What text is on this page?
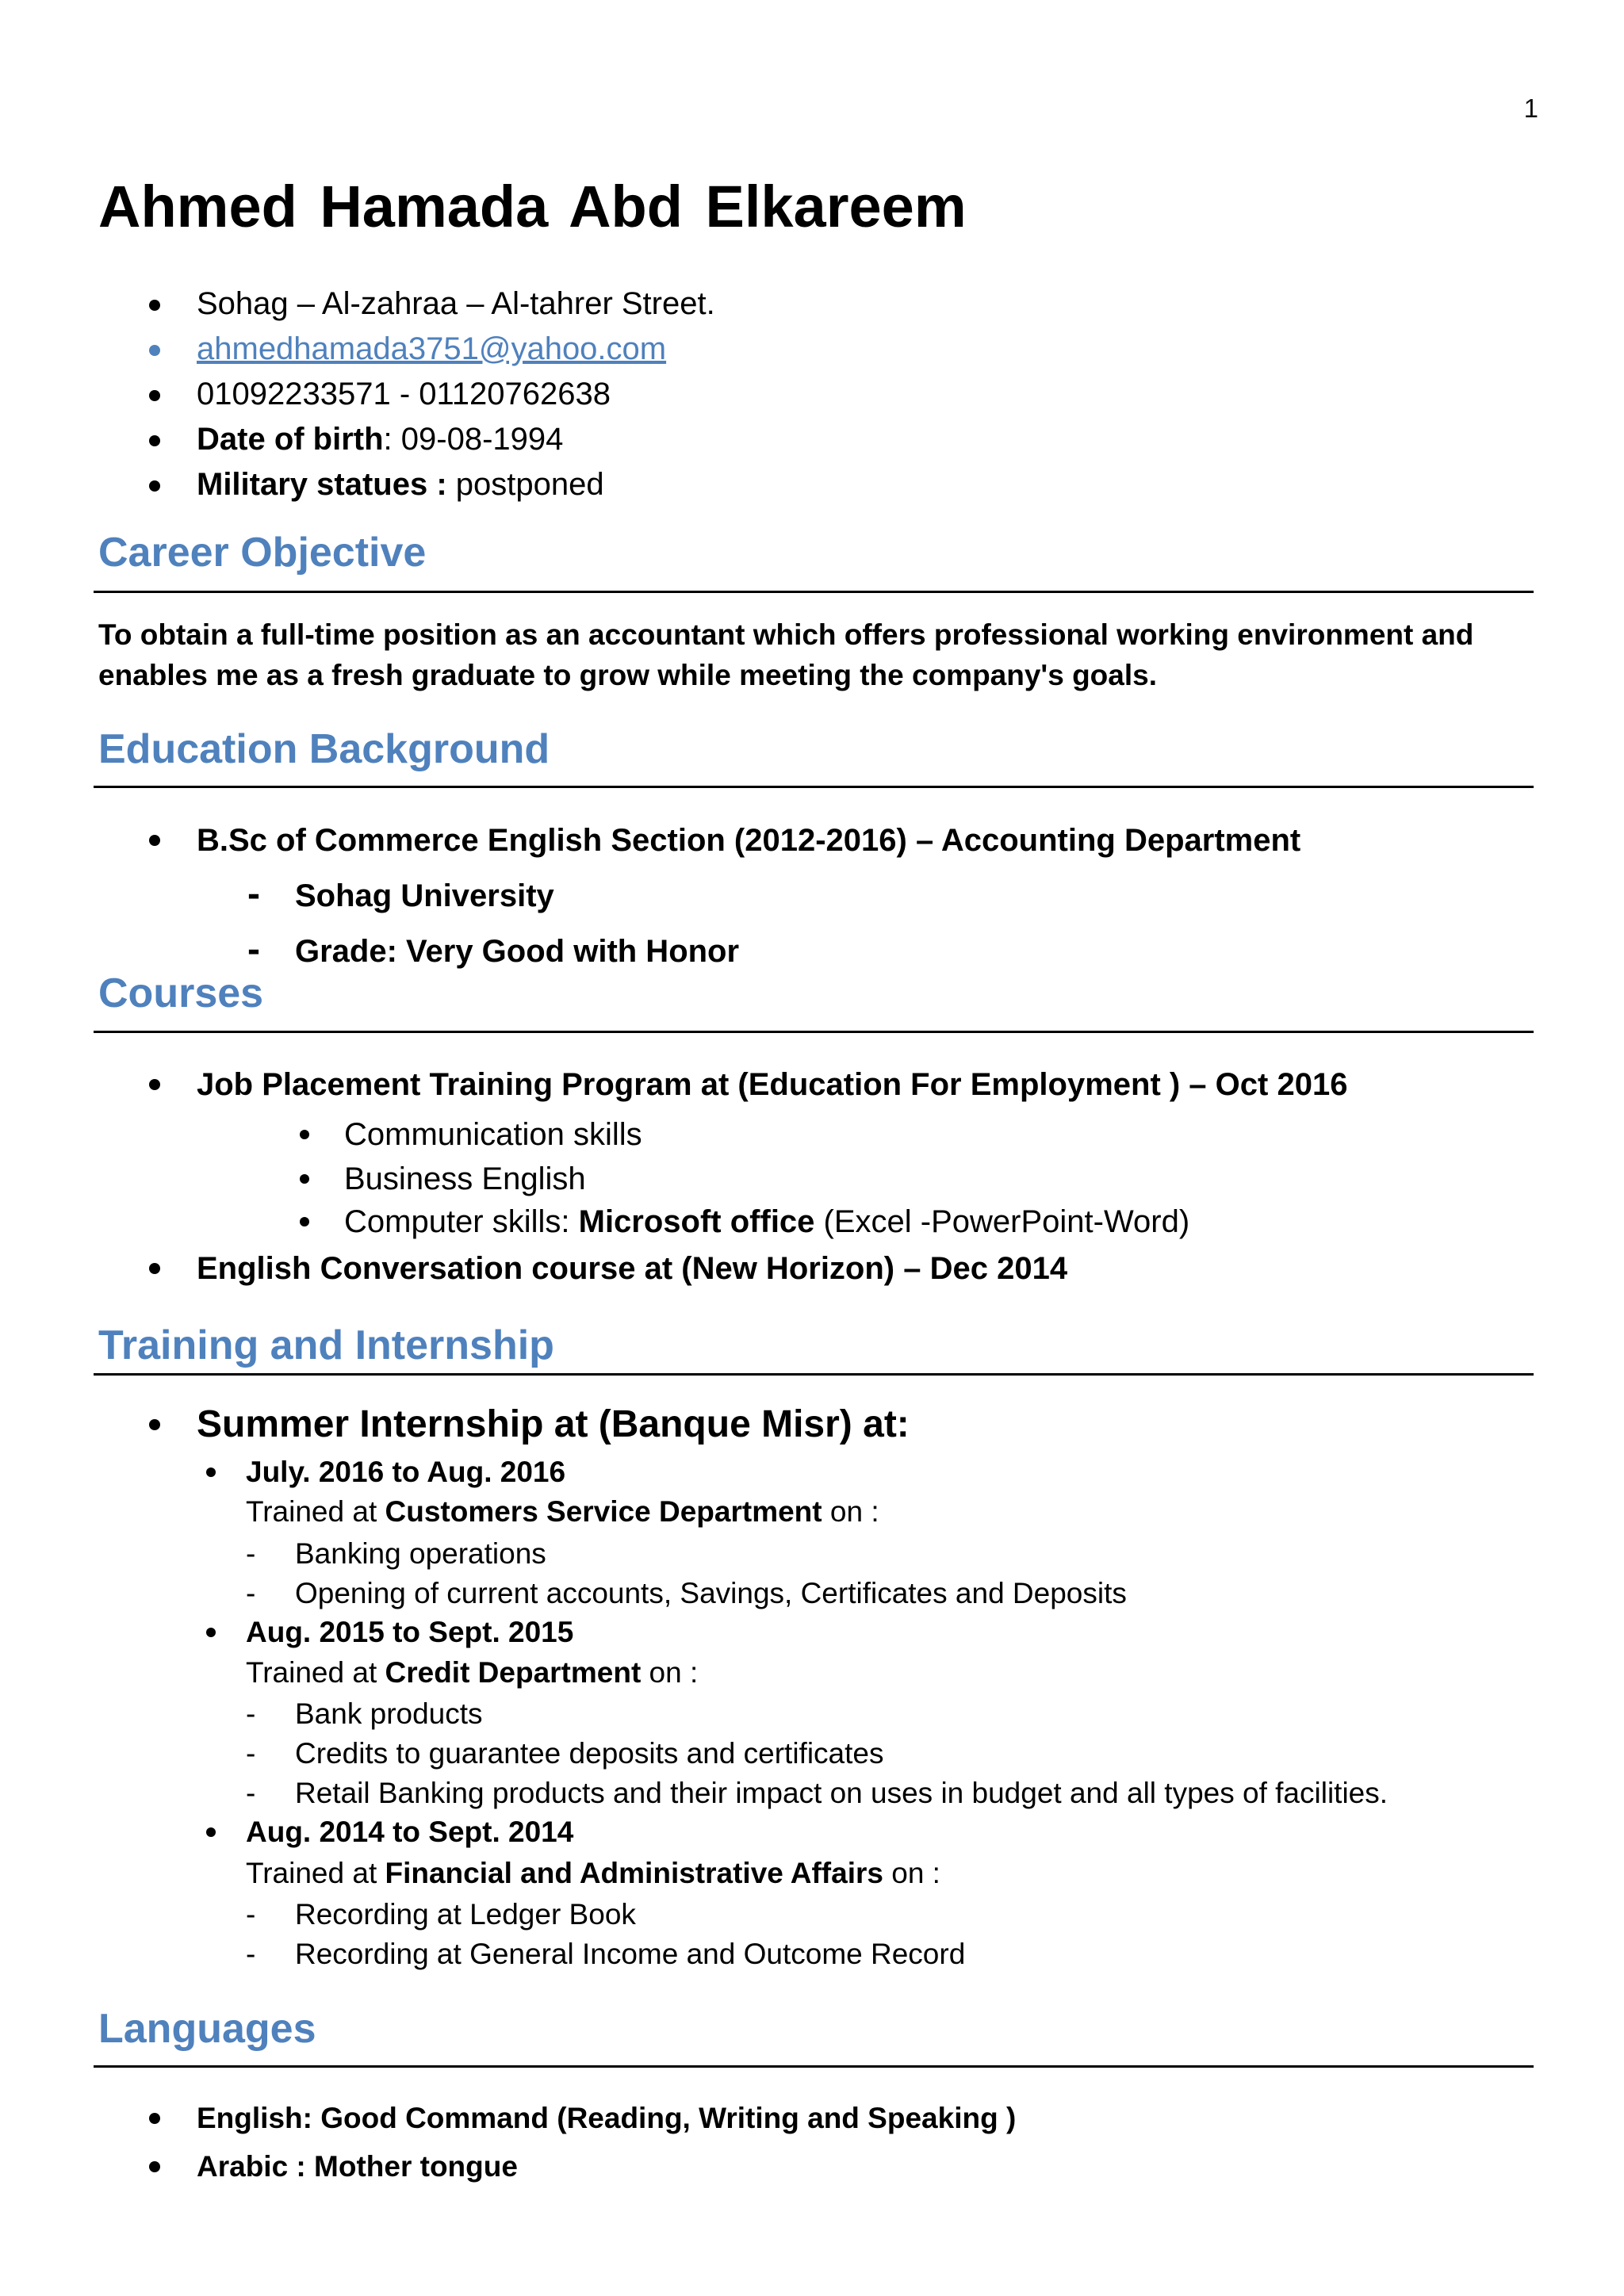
1
Ahmed Hamada Abd Elkareem
Sohag – Al-zahraa – Al-tahrer Street.
ahmedhamada3751@yahoo.com
01092233571 - 01120762638
Date of birth: 09-08-1994
Military statues : postponed
Career Objective

To obtain a full-time position as an accountant which offers professional working environment and enables me as a fresh graduate to grow while meeting the company's goals.

Education Background
B.Sc of Commerce English Section (2012-2016) – Accounting Department
- Sohag University
- Grade: Very Good with Honor
Courses
Job Placement Training Program at (Education For Employment ) – Oct 2016
Communication skills
Business English
Computer skills: Microsoft office (Excel -PowerPoint-Word)
English Conversation course at (New Horizon) – Dec 2014
Training and Internship
Summer Internship at (Banque Misr) at:
July. 2016 to Aug. 2016
Trained at Customers Service Department on :
- Banking operations
- Opening of current accounts, Savings, Certificates and Deposits
Aug. 2015 to Sept. 2015
Trained at Credit Department on :
- Bank products
- Credits to guarantee deposits and certificates
- Retail Banking products and their impact on uses in budget and all types of facilities.
Aug. 2014 to Sept. 2014
Trained at Financial and Administrative Affairs on :
- Recording at Ledger Book
- Recording at General Income and Outcome Record
Languages
English: Good Command (Reading, Writing and Speaking )
Arabic : Mother tongue
